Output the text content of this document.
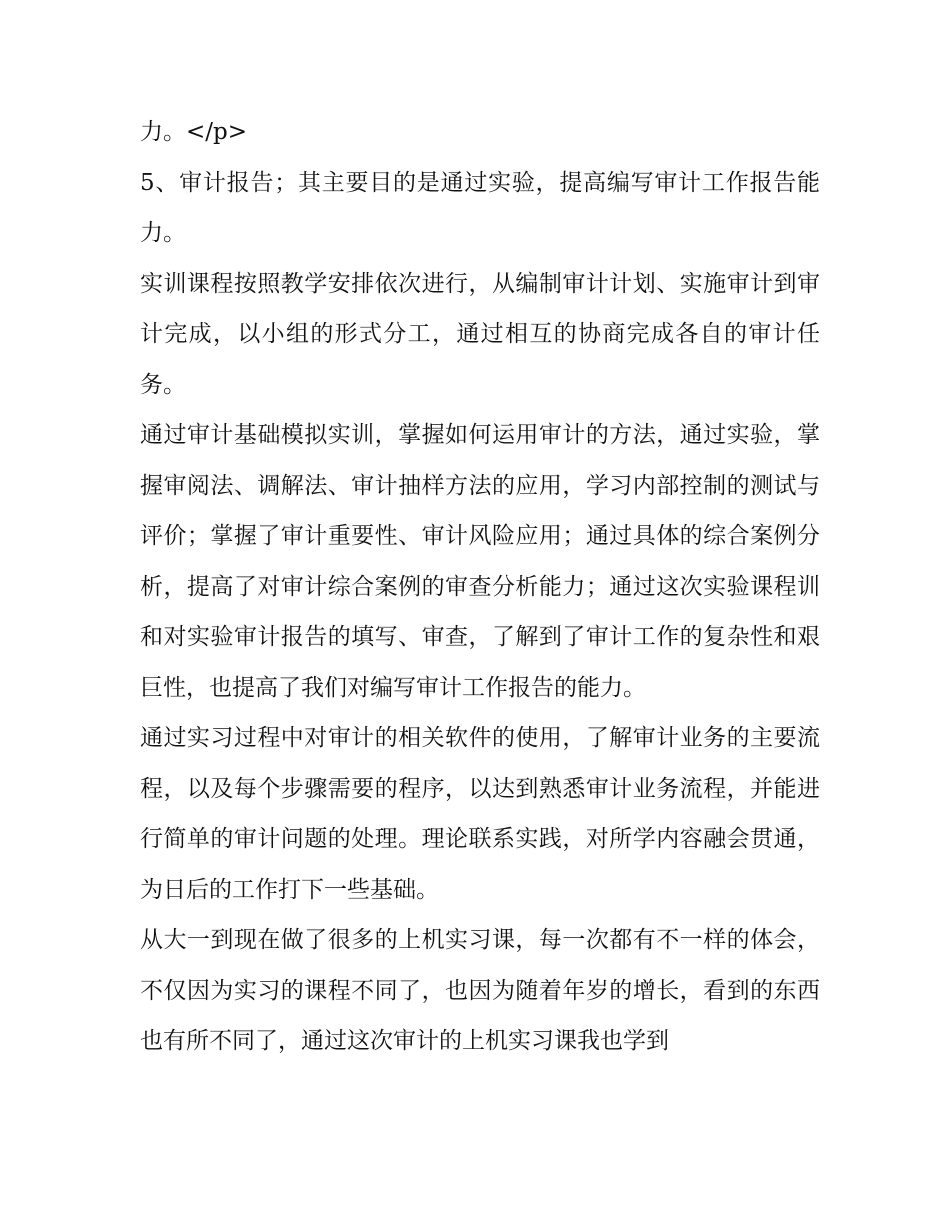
力。</p>

5、审计报告；其主要目的是通过实验，提高编写审计工作报告能力。

实训课程按照教学安排依次进行，从编制审计计划、实施审计到审计完成，以小组的形式分工，通过相互的协商完成各自的审计任务。

通过审计基础模拟实训，掌握如何运用审计的方法，通过实验，掌握审阅法、调解法、审计抽样方法的应用，学习内部控制的测试与评价；掌握了审计重要性、审计风险应用；通过具体的综合案例分析，提高了对审计综合案例的审查分析能力；通过这次实验课程训和对实验审计报告的填写、审查，了解到了审计工作的复杂性和艰巨性，也提高了我们对编写审计工作报告的能力。

通过实习过程中对审计的相关软件的使用，了解审计业务的主要流程，以及每个步骤需要的程序，以达到熟悉审计业务流程，并能进行简单的审计问题的处理。理论联系实践，对所学内容融会贯通，为日后的工作打下一些基础。

从大一到现在做了很多的上机实习课，每一次都有不一样的体会，不仅因为实习的课程不同了，也因为随着年岁的增长，看到的东西也有所不同了，通过这次审计的上机实习课我也学到
